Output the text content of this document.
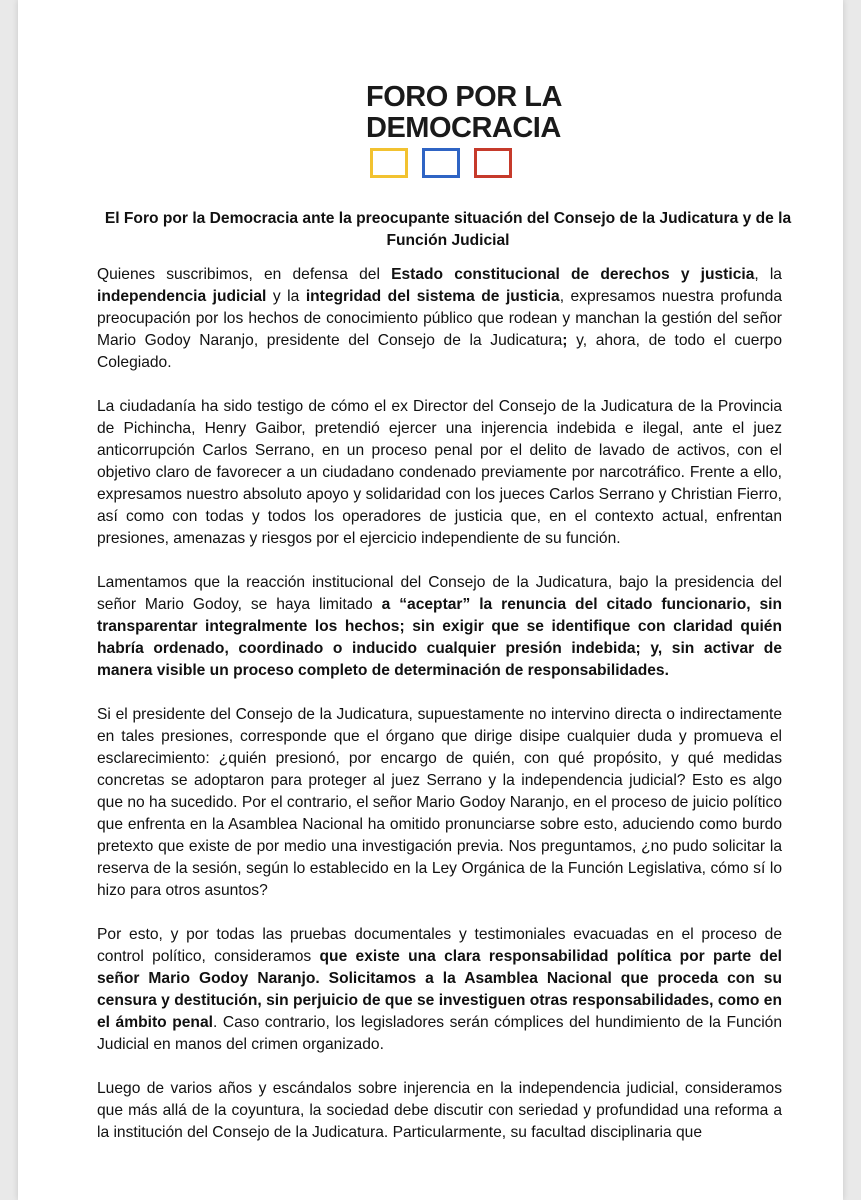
FORO POR LA
DEMOCRACIA
El Foro por la Democracia ante la preocupante situación del Consejo de la Judicatura y de la Función Judicial

Quienes suscribimos, en defensa del Estado constitucional de derechos y justicia, la independencia judicial y la integridad del sistema de justicia, expresamos nuestra profunda preocupación por los hechos de conocimiento público que rodean y manchan la gestión del señor Mario Godoy Naranjo, presidente del Consejo de la Judicatura; y, ahora, de todo el cuerpo Colegiado.

La ciudadanía ha sido testigo de cómo el ex Director del Consejo de la Judicatura de la Provincia de Pichincha, Henry Gaibor, pretendió ejercer una injerencia indebida e ilegal, ante el juez anticorrupción Carlos Serrano, en un proceso penal por el delito de lavado de activos, con el objetivo claro de favorecer a un ciudadano condenado previamente por narcotráfico. Frente a ello, expresamos nuestro absoluto apoyo y solidaridad con los jueces Carlos Serrano y Christian Fierro, así como con todas y todos los operadores de justicia que, en el contexto actual, enfrentan presiones, amenazas y riesgos por el ejercicio independiente de su función.

Lamentamos que la reacción institucional del Consejo de la Judicatura, bajo la presidencia del señor Mario Godoy, se haya limitado a “aceptar” la renuncia del citado funcionario, sin transparentar integralmente los hechos; sin exigir que se identifique con claridad quién habría ordenado, coordinado o inducido cualquier presión indebida; y, sin activar de manera visible un proceso completo de determinación de responsabilidades.

Si el presidente del Consejo de la Judicatura, supuestamente no intervino directa o indirectamente en tales presiones, corresponde que el órgano que dirige disipe cualquier duda y promueva el esclarecimiento: ¿quién presionó, por encargo de quién, con qué propósito, y qué medidas concretas se adoptaron para proteger al juez Serrano y la independencia judicial? Esto es algo que no ha sucedido. Por el contrario, el señor Mario Godoy Naranjo, en el proceso de juicio político que enfrenta en la Asamblea Nacional ha omitido pronunciarse sobre esto, aduciendo como burdo pretexto que existe de por medio una investigación previa. Nos preguntamos, ¿no pudo solicitar la reserva de la sesión, según lo establecido en la Ley Orgánica de la Función Legislativa, cómo sí lo hizo para otros asuntos?

Por esto, y por todas las pruebas documentales y testimoniales evacuadas en el proceso de control político, consideramos que existe una clara responsabilidad política por parte del señor Mario Godoy Naranjo. Solicitamos a la Asamblea Nacional que proceda con su censura y destitución, sin perjuicio de que se investiguen otras responsabilidades, como en el ámbito penal. Caso contrario, los legisladores serán cómplices del hundimiento de la Función Judicial en manos del crimen organizado.

Luego de varios años y escándalos sobre injerencia en la independencia judicial, consideramos que más allá de la coyuntura, la sociedad debe discutir con seriedad y profundidad una reforma a la institución del Consejo de la Judicatura. Particularmente, su facultad disciplinaria que
